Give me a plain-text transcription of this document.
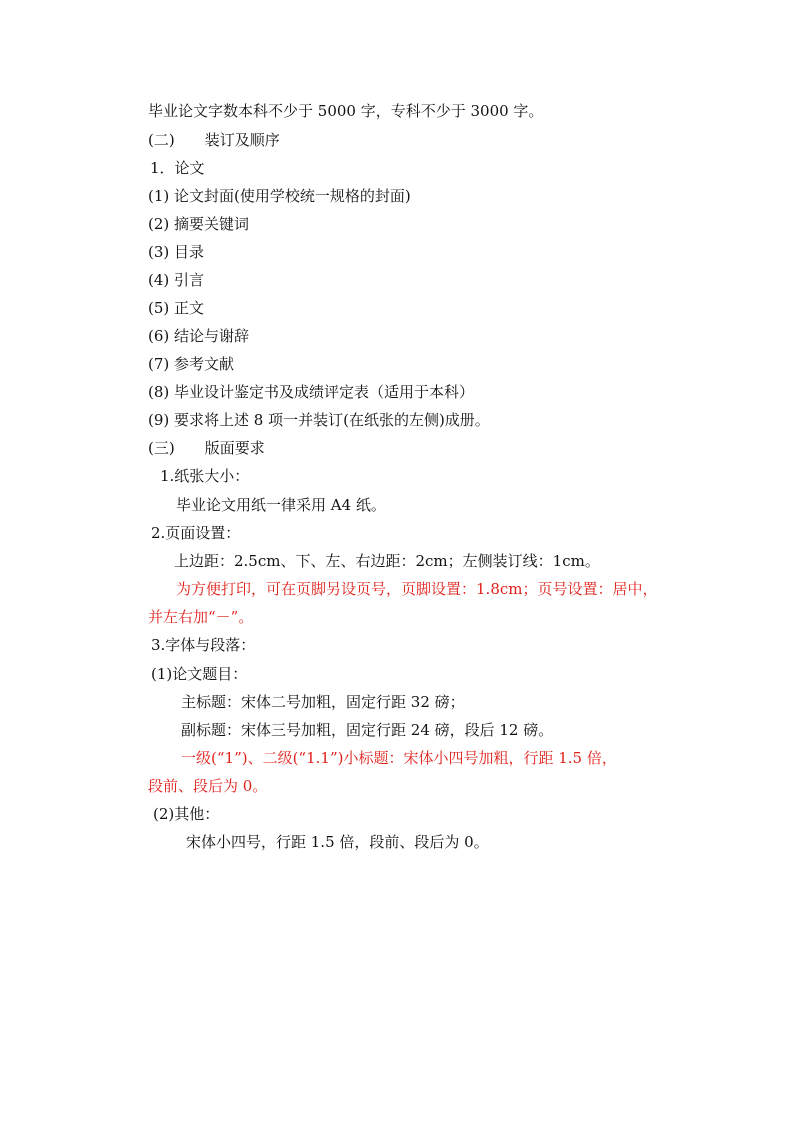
毕业论文字数本科不少于 5000 字，专科不少于 3000 字。
(二)　　装订及顺序
1．论文
(1) 论文封面(使用学校统一规格的封面)
(2) 摘要关键词
(3) 目录
(4) 引言
(5) 正文
(6) 结论与谢辞
(7) 参考文献
(8) 毕业设计鉴定书及成绩评定表（适用于本科）
(9) 要求将上述 8 项一并装订(在纸张的左侧)成册。
(三)　　版面要求
1.纸张大小：
毕业论文用纸一律采用 A4 纸。
2.页面设置：
上边距：2.5cm、下、左、右边距：2cm；左侧装订线：1cm。
为方便打印，可在页脚另设页号，页脚设置：1.8cm；页号设置：居中，
并左右加“－”。
3.字体与段落：
(1)论文题目：
主标题：宋体二号加粗，固定行距 32 磅；
副标题：宋体三号加粗，固定行距 24 磅，段后 12 磅。
一级(“1”)、二级(“1.1”)小标题：宋体小四号加粗，行距 1.5 倍，
段前、段后为 0。
(2)其他：
宋体小四号，行距 1.5 倍，段前、段后为 0。
